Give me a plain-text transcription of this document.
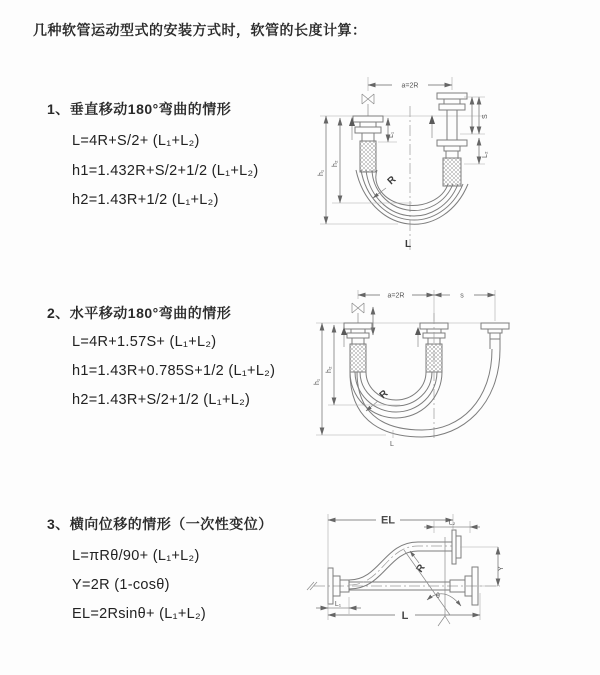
几种软管运动型式的安装方式时，软管的长度计算：
1、垂直移动180°弯曲的情形
L=4R+S/2+ (L₁+L₂)
h1=1.432R+S/2+1/2 (L₁+L₂)
h2=1.43R+1/2 (L₁+L₂)
a=2R
R
L
h₁
h₂
L₁
S
L₂
2、水平移动180°弯曲的情形
L=4R+1.57S+ (L₁+L₂)
h1=1.43R+0.785S+1/2 (L₁+L₂)
h2=1.43R+S/2+1/2 (L₁+L₂)
a=2R	s
R
L
h₁
h₂
3、横向位移的情形（一次性变位）
L=πRθ/90+ (L₁+L₂)
Y=2R (1-cosθ)
EL=2Rsinθ+ (L₁+L₂)
EL	L₂
Y
R
θ
L
L₁
